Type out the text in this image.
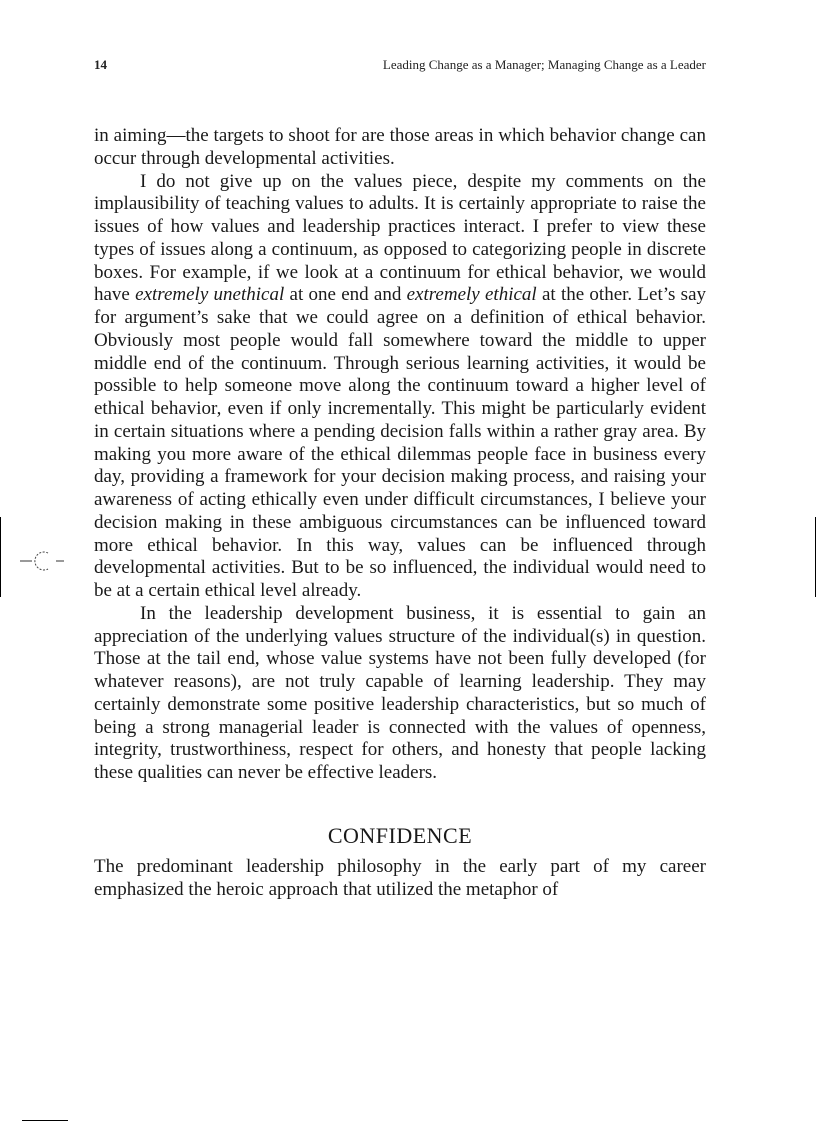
14	Leading Change as a Manager; Managing Change as a Leader

in aiming—the targets to shoot for are those areas in which behavior change can occur through developmental activities.

I do not give up on the values piece, despite my comments on the implausibility of teaching values to adults. It is certainly appropriate to raise the issues of how values and leadership practices interact. I prefer to view these types of issues along a continuum, as opposed to categorizing people in discrete boxes. For example, if we look at a continuum for ethical behavior, we would have extremely unethical at one end and extremely ethical at the other. Let’s say for argument’s sake that we could agree on a definition of ethical behavior. Obviously most people would fall somewhere toward the middle to upper middle end of the continuum. Through serious learning activities, it would be possible to help someone move along the continuum toward a higher level of ethical behavior, even if only incrementally. This might be particularly evident in certain situations where a pending decision falls within a rather gray area. By making you more aware of the ethical dilemmas people face in business every day, providing a framework for your decision making process, and raising your awareness of acting ethically even under difficult circumstances, I believe your decision making in these ambiguous circumstances can be influenced toward more ethical behavior. In this way, values can be influenced through developmental activities. But to be so influenced, the individual would need to be at a certain ethical level already.

In the leadership development business, it is essential to gain an appreciation of the underlying values structure of the individual(s) in question. Those at the tail end, whose value systems have not been fully developed (for whatever reasons), are not truly capable of learning leadership. They may certainly demonstrate some positive leadership characteristics, but so much of being a strong managerial leader is connected with the values of openness, integrity, trustworthiness, respect for others, and honesty that people lacking these qualities can never be effective leaders.

CONFIDENCE

The predominant leadership philosophy in the early part of my career emphasized the heroic approach that utilized the metaphor of
